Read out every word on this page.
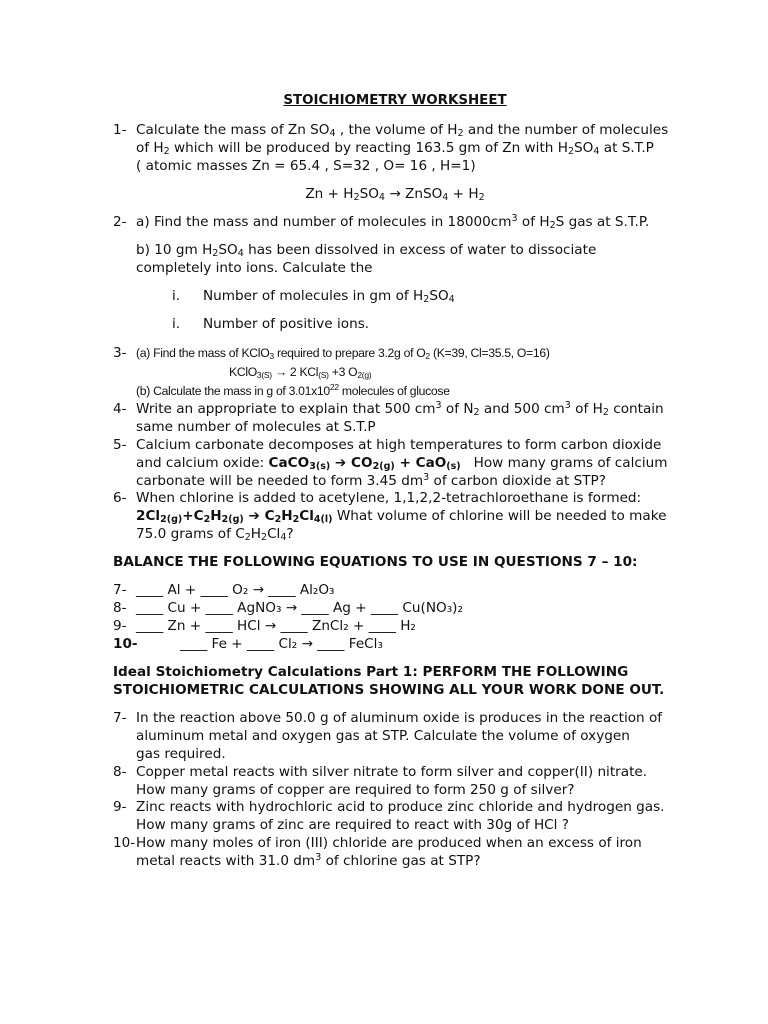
STOICHIOMETRY WORKSHEET
1- Calculate the mass of Zn $SO_4$ , the volume of $H_2$ and the number of molecules
of $H_2$ which will be produced by reacting 163.5 gm of Zn with $H_2SO_4$ at S.T.P
( atomic masses Zn = 65.4 , S=32 , O= 16 , H=1)
$Zn + H_2SO_4$ → ZnSO$_4$ + $H_2$
2- a) Find the mass and number of molecules in $18000cm^3$ of $H_2S$ gas at S.T.P.
b) 10 gm $H_2SO_4$ has been dissolved in excess of water to dissociate
completely into ions. Calculate the
i. Number of molecules in gm of $H_2SO_4$
i. Number of positive ions.
3- (a) Find the mass of KClO$_3$ required to prepare 3.2g of $O_2$ (K=39, Cl=35.5, O=16)
KClO$_{3(S)}$ → 2 KCl$_{(S)}$ +3 $O_{2(g)}$
(b) Calculate the mass in g of $3.01x10^{22}$ molecules of glucose
4- Write an appropriate to explain that 500 $cm^3$ of $N_2$ and 500 $cm^3$ of $H_2$ contain
same number of molecules at S.T.P
5- Calcium carbonate decomposes at high temperatures to form carbon dioxide
and calcium oxide: CaCO$_{3(s)}$ ➔ $CO_{2(g)} + CaO_{(s)}$ How many grams of calcium
carbonate will be needed to form 3.45 $dm^3$ of carbon dioxide at STP?
6- When chlorine is added to acetylene, 1,1,2,2-tetrachloroethane is formed:
$2Cl_{2(g)}+C_2H_{2(g)}$ ➔ $C_2H_2Cl_{4(l)}$ What volume of chlorine will be needed to make
75.0 grams of $C_2H_2Cl_4$?
BALANCE THE FOLLOWING EQUATIONS TO USE IN QUESTIONS 7 – 10:
7- ____ Al + ____ O₂ → ____ Al₂O₃
8- ____ Cu + ____ AgNO₃ → ____ Ag + ____ Cu(NO₃)₂
9- ____ Zn + ____ HCl → ____ ZnCl₂ + ____ H₂
10-	____ Fe + ____ Cl₂ → ____ FeCl₃
Ideal Stoichiometry Calculations Part 1: PERFORM THE FOLLOWING
STOICHIOMETRIC CALCULATIONS SHOWING ALL YOUR WORK DONE OUT.
7- In the reaction above 50.0 g of aluminum oxide is produces in the reaction of
aluminum metal and oxygen gas at STP. Calculate the volume of oxygen
gas required.
8- Copper metal reacts with silver nitrate to form silver and copper(II) nitrate.
How many grams of copper are required to form 250 g of silver?
9- Zinc reacts with hydrochloric acid to produce zinc chloride and hydrogen gas.
How many grams of zinc are required to react with 30g of HCl ?
10- How many moles of iron (III) chloride are produced when an excess of iron
metal reacts with 31.0 $dm^3$ of chlorine gas at STP?
